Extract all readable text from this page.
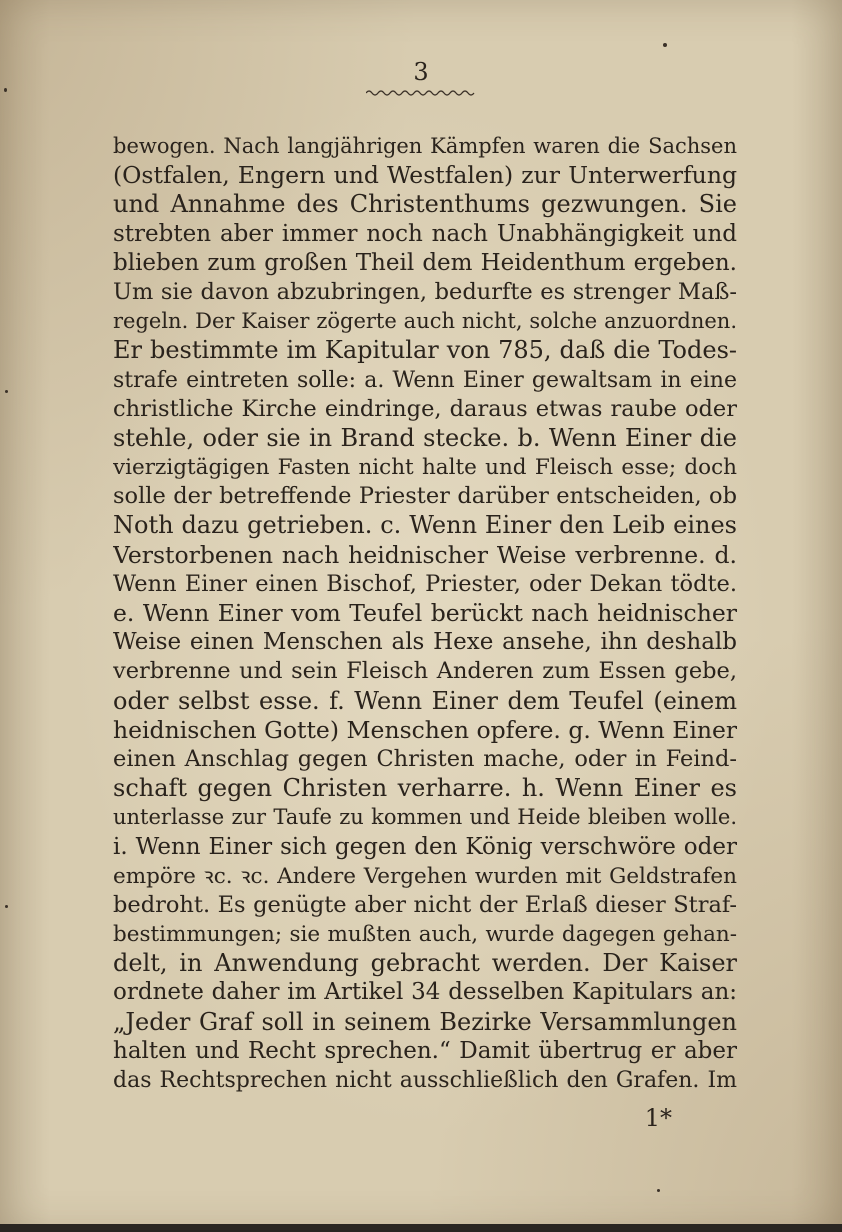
3
bewogen. Nach langjährigen Kämpfen waren die Sachsen
(Ostfalen, Engern und Westfalen) zur Unterwerfung
und Annahme des Christenthums gezwungen. Sie
strebten aber immer noch nach Unabhängigkeit und
blieben zum großen Theil dem Heidenthum ergeben.
Um sie davon abzubringen, bedurfte es strenger Maß-
regeln. Der Kaiser zögerte auch nicht, solche anzuordnen.
Er bestimmte im Kapitular von 785, daß die Todes-
strafe eintreten solle: a. Wenn Einer gewaltsam in eine
christliche Kirche eindringe, daraus etwas raube oder
stehle, oder sie in Brand stecke. b. Wenn Einer die
vierzigtägigen Fasten nicht halte und Fleisch esse; doch
solle der betreffende Priester darüber entscheiden, ob
Noth dazu getrieben. c. Wenn Einer den Leib eines
Verstorbenen nach heidnischer Weise verbrenne. d.
Wenn Einer einen Bischof, Priester, oder Dekan tödte.
e. Wenn Einer vom Teufel berückt nach heidnischer
Weise einen Menschen als Hexe ansehe, ihn deshalb
verbrenne und sein Fleisch Anderen zum Essen gebe,
oder selbst esse. f. Wenn Einer dem Teufel (einem
heidnischen Gotte) Menschen opfere. g. Wenn Einer
einen Anschlag gegen Christen mache, oder in Feind-
schaft gegen Christen verharre. h. Wenn Einer es
unterlasse zur Taufe zu kommen und Heide bleiben wolle.
i. Wenn Einer sich gegen den König verschwöre oder
empöre ꝛc. ꝛc. Andere Vergehen wurden mit Geldstrafen
bedroht. Es genügte aber nicht der Erlaß dieser Straf-
bestimmungen; sie mußten auch, wurde dagegen gehan-
delt, in Anwendung gebracht werden. Der Kaiser
ordnete daher im Artikel 34 desselben Kapitulars an:
„Jeder Graf soll in seinem Bezirke Versammlungen
halten und Recht sprechen.“ Damit übertrug er aber
das Rechtsprechen nicht ausschließlich den Grafen. Im
1*
